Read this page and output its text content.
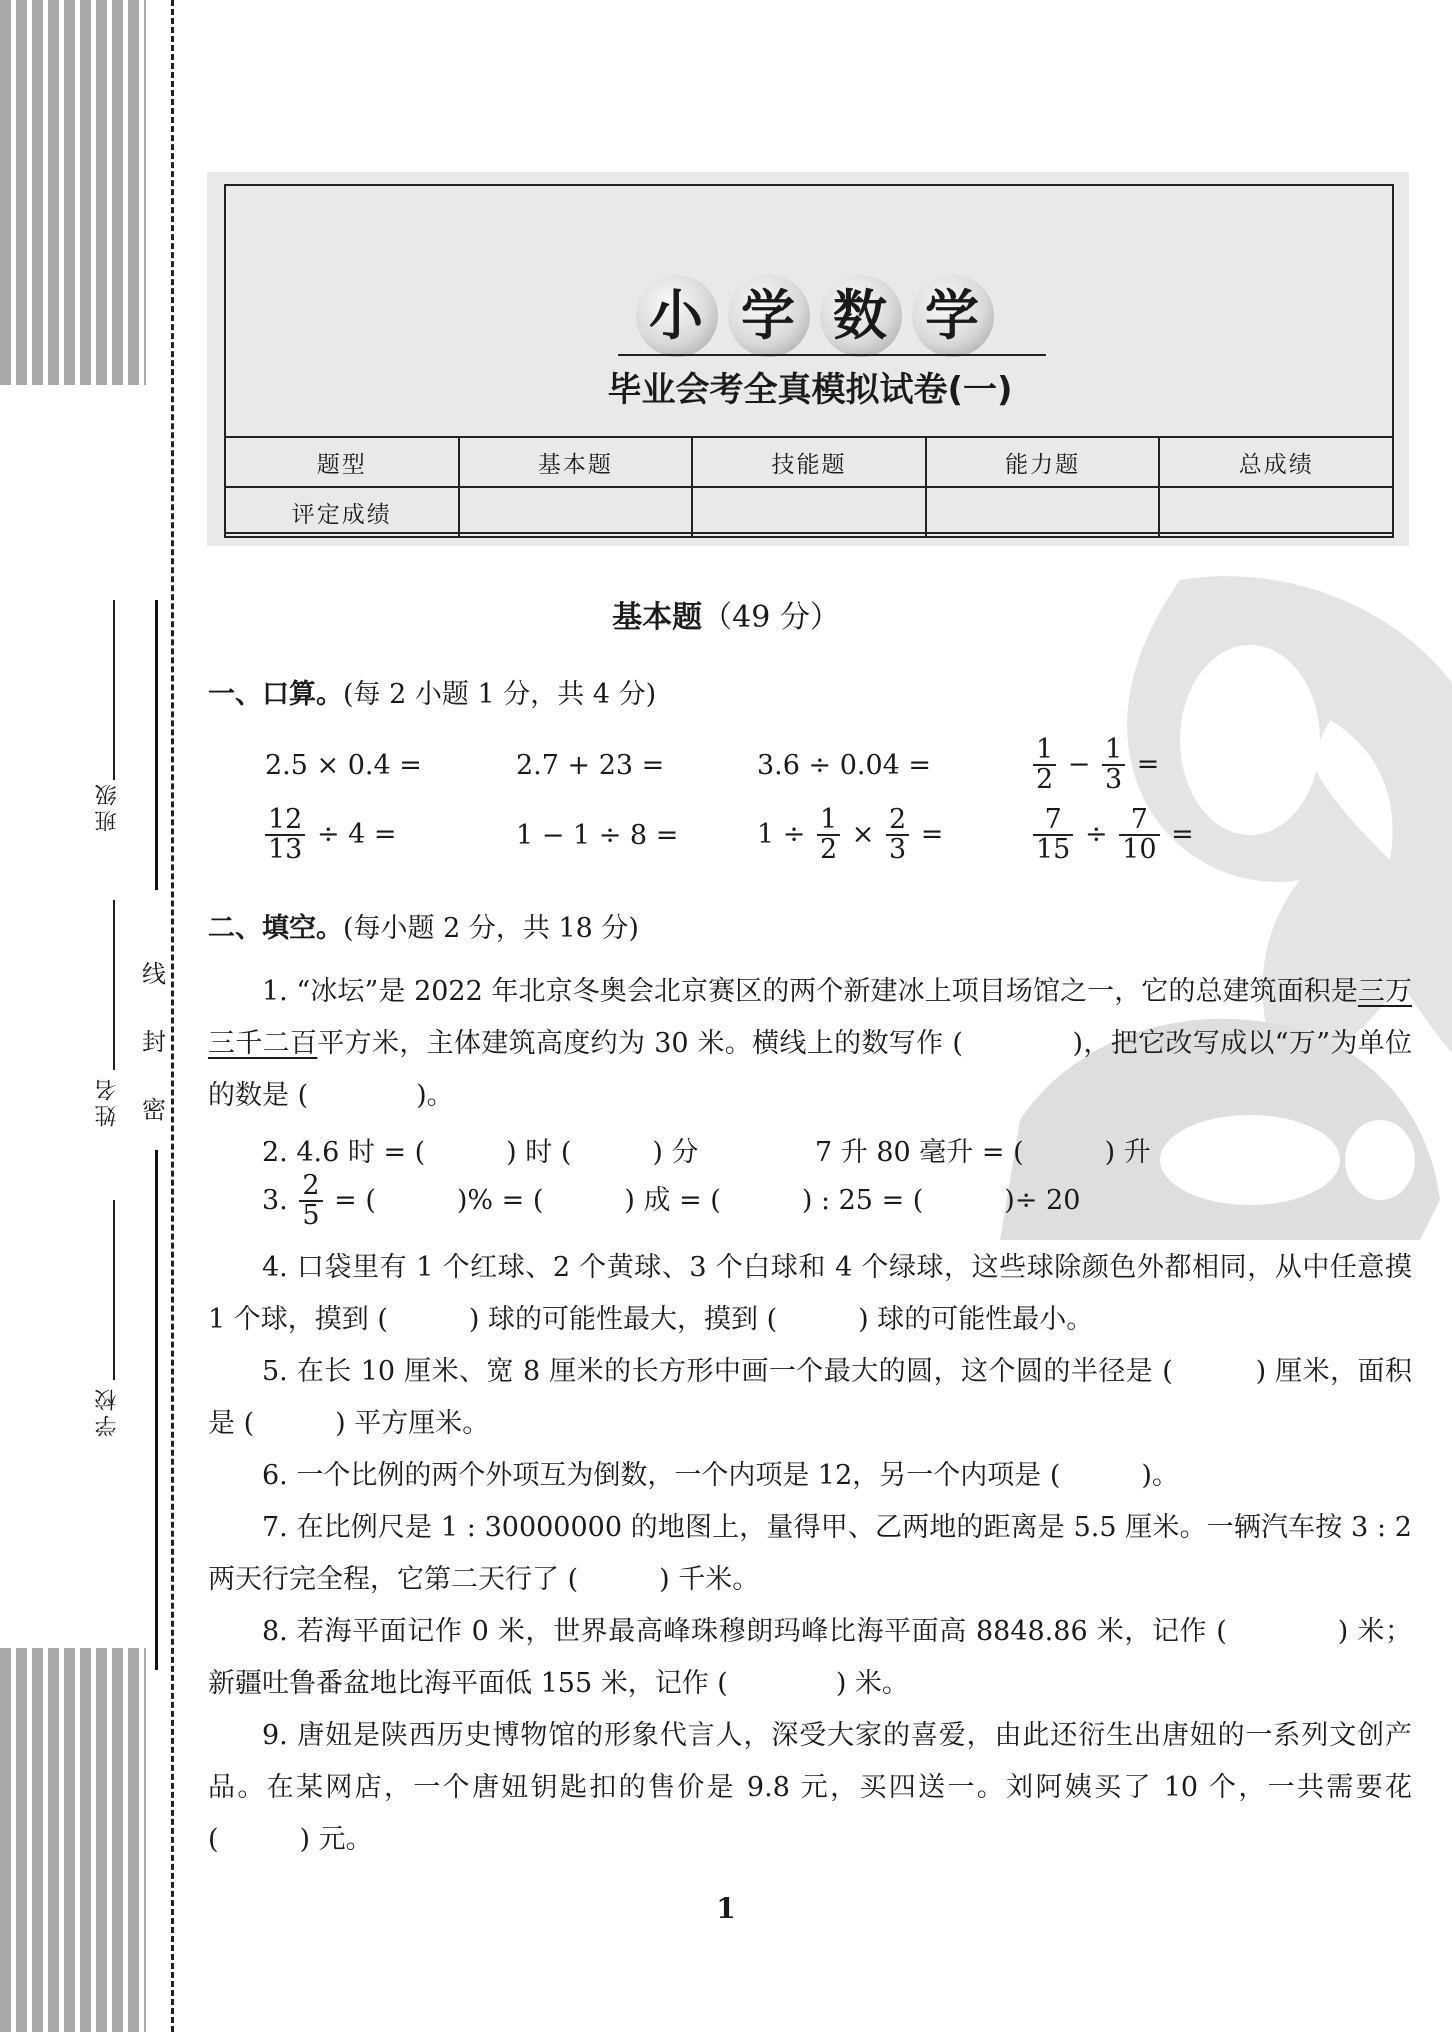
班级
姓名
学校
线
封
密
小 学 数 学
毕业会考全真模拟试卷(一)
题型	基本题	技能题	能力题	总成绩
评定成绩				
基本题（49 分）
一、口算。(每 2 小题 1 分，共 4 分)
2.5 × 0.4 =	2.7 + 23 =	3.6 ÷ 0.04 =	$\frac{1}{2} - \frac{1}{3}$ =
$\frac{12}{13} \div 4$ =	1 − 1 ÷ 8 =	$1 \div \frac{1}{2} \times \frac{2}{3}$ =	$\frac{7}{15} \div \frac{7}{10}$ =
二、填空。(每小题 2 分，共 18 分)
1. “冰坛”是 2022 年北京冬奥会北京赛区的两个新建冰上项目场馆之一，它的总建筑面积是三万三千二百平方米，主体建筑高度约为 30 米。横线上的数写作 (　　　　)，把它改写成以“万”为单位的数是 (　　　　)。
2. 4.6 时 = (　　　) 时 (　　　) 分	7 升 80 毫升 = (　　　) 升
3. $\frac{2}{5}$ = (　　　)% = (　　　) 成 = (　　　) : 25 = (　　　)÷ 20
4. 口袋里有 1 个红球、2 个黄球、3 个白球和 4 个绿球，这些球除颜色外都相同，从中任意摸 1 个球，摸到 (　　　) 球的可能性最大，摸到 (　　　) 球的可能性最小。
5. 在长 10 厘米、宽 8 厘米的长方形中画一个最大的圆，这个圆的半径是 (　　　) 厘米，面积是 (　　　) 平方厘米。
6. 一个比例的两个外项互为倒数，一个内项是 12，另一个内项是 (　　　)。
7. 在比例尺是 1 : 30000000 的地图上，量得甲、乙两地的距离是 5.5 厘米。一辆汽车按 3 : 2 两天行完全程，它第二天行了 (　　　) 千米。
8. 若海平面记作 0 米，世界最高峰珠穆朗玛峰比海平面高 8848.86 米，记作 (　　　　) 米；新疆吐鲁番盆地比海平面低 155 米，记作 (　　　　) 米。
9. 唐妞是陕西历史博物馆的形象代言人，深受大家的喜爱，由此还衍生出唐妞的一系列文创产品。在某网店，一个唐妞钥匙扣的售价是 9.8 元，买四送一。刘阿姨买了 10 个，一共需要花 (　　　) 元。
1
